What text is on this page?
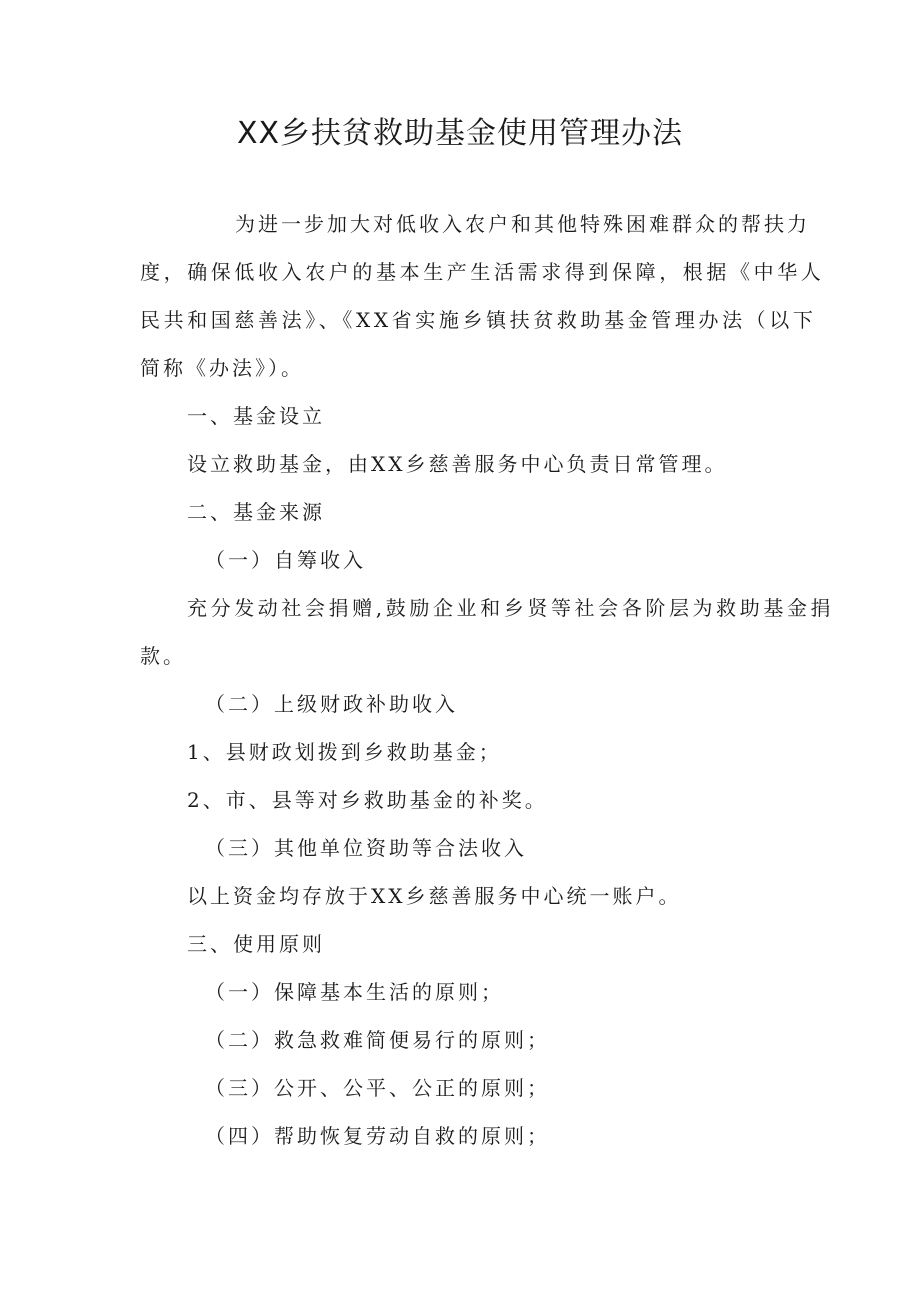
XX乡扶贫救助基金使用管理办法
为进一步加大对低收入农户和其他特殊困难群众的帮扶力
度，确保低收入农户的基本生产生活需求得到保障，根据《中华人
民共和国慈善法》、《XX省实施乡镇扶贫救助基金管理办法（以下
简称《办法》）。
一、基金设立
设立救助基金，由XX乡慈善服务中心负责日常管理。
二、基金来源
（一）自筹收入
充分发动社会捐赠,鼓励企业和乡贤等社会各阶层为救助基金捐
款。
（二）上级财政补助收入
1、县财政划拨到乡救助基金；
2、市、县等对乡救助基金的补奖。
（三）其他单位资助等合法收入
以上资金均存放于XX乡慈善服务中心统一账户。
三、使用原则
（一）保障基本生活的原则；
（二）救急救难简便易行的原则；
（三）公开、公平、公正的原则；
（四）帮助恢复劳动自救的原则；
